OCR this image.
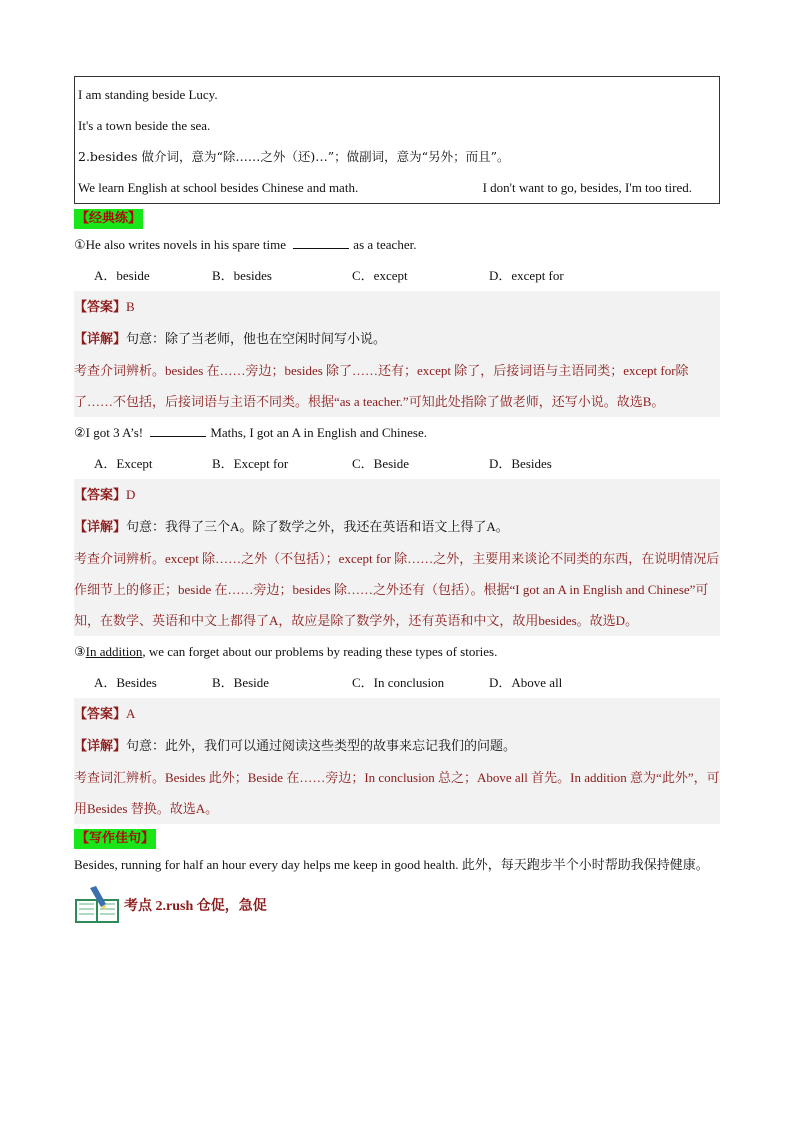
I am standing beside Lucy.
It's a town beside the sea.
2.besides 做介词，意为“除……之外（还)…”；做副词，意为“另外；而且”。
We learn English at school besides Chinese and math.	I don't want to go, besides, I'm too tired.
【经典练】
①He also writes novels in his spare time	as a teacher.
A．beside	B．besides	C．except	D．except for
【答案】B
【详解】句意：除了当老师，他也在空闲时间写小说。
考查介词辨析。besides 在……旁边；besides 除了……还有；except 除了，后接词语与主语同类；except for除了……不包括，后接词语与主语不同类。根据“as a teacher.”可知此处指除了做老师，还写小说。故选B。
②I got 3 A’s!	Maths, I got an A in English and Chinese.
A．Except	B．Except for	C．Beside	D．Besides
【答案】D
【详解】句意：我得了三个A。除了数学之外，我还在英语和语文上得了A。
考查介词辨析。except 除……之外（不包括）；except for 除……之外，主要用来谈论不同类的东西，在说明情况后作细节上的修正；beside 在……旁边；besides 除……之外还有（包括）。根据“I got an A in English and Chinese”可知，在数学、英语和中文上都得了A，故应是除了数学外，还有英语和中文，故用besides。故选D。
③In addition, we can forget about our problems by reading these types of stories.
A．Besides	B．Beside	C．In conclusion	D．Above all
【答案】A
【详解】句意：此外，我们可以通过阅读这些类型的故事来忘记我们的问题。
考查词汇辨析。Besides 此外；Beside 在……旁边；In conclusion 总之；Above all 首先。In addition 意为“此外”，可用Besides 替换。故选A。
【写作佳句】
Besides, running for half an hour every day helps me keep in good health. 此外，每天跑步半个小时帮助我保持健康。
考点 2.rush 仓促，急促
